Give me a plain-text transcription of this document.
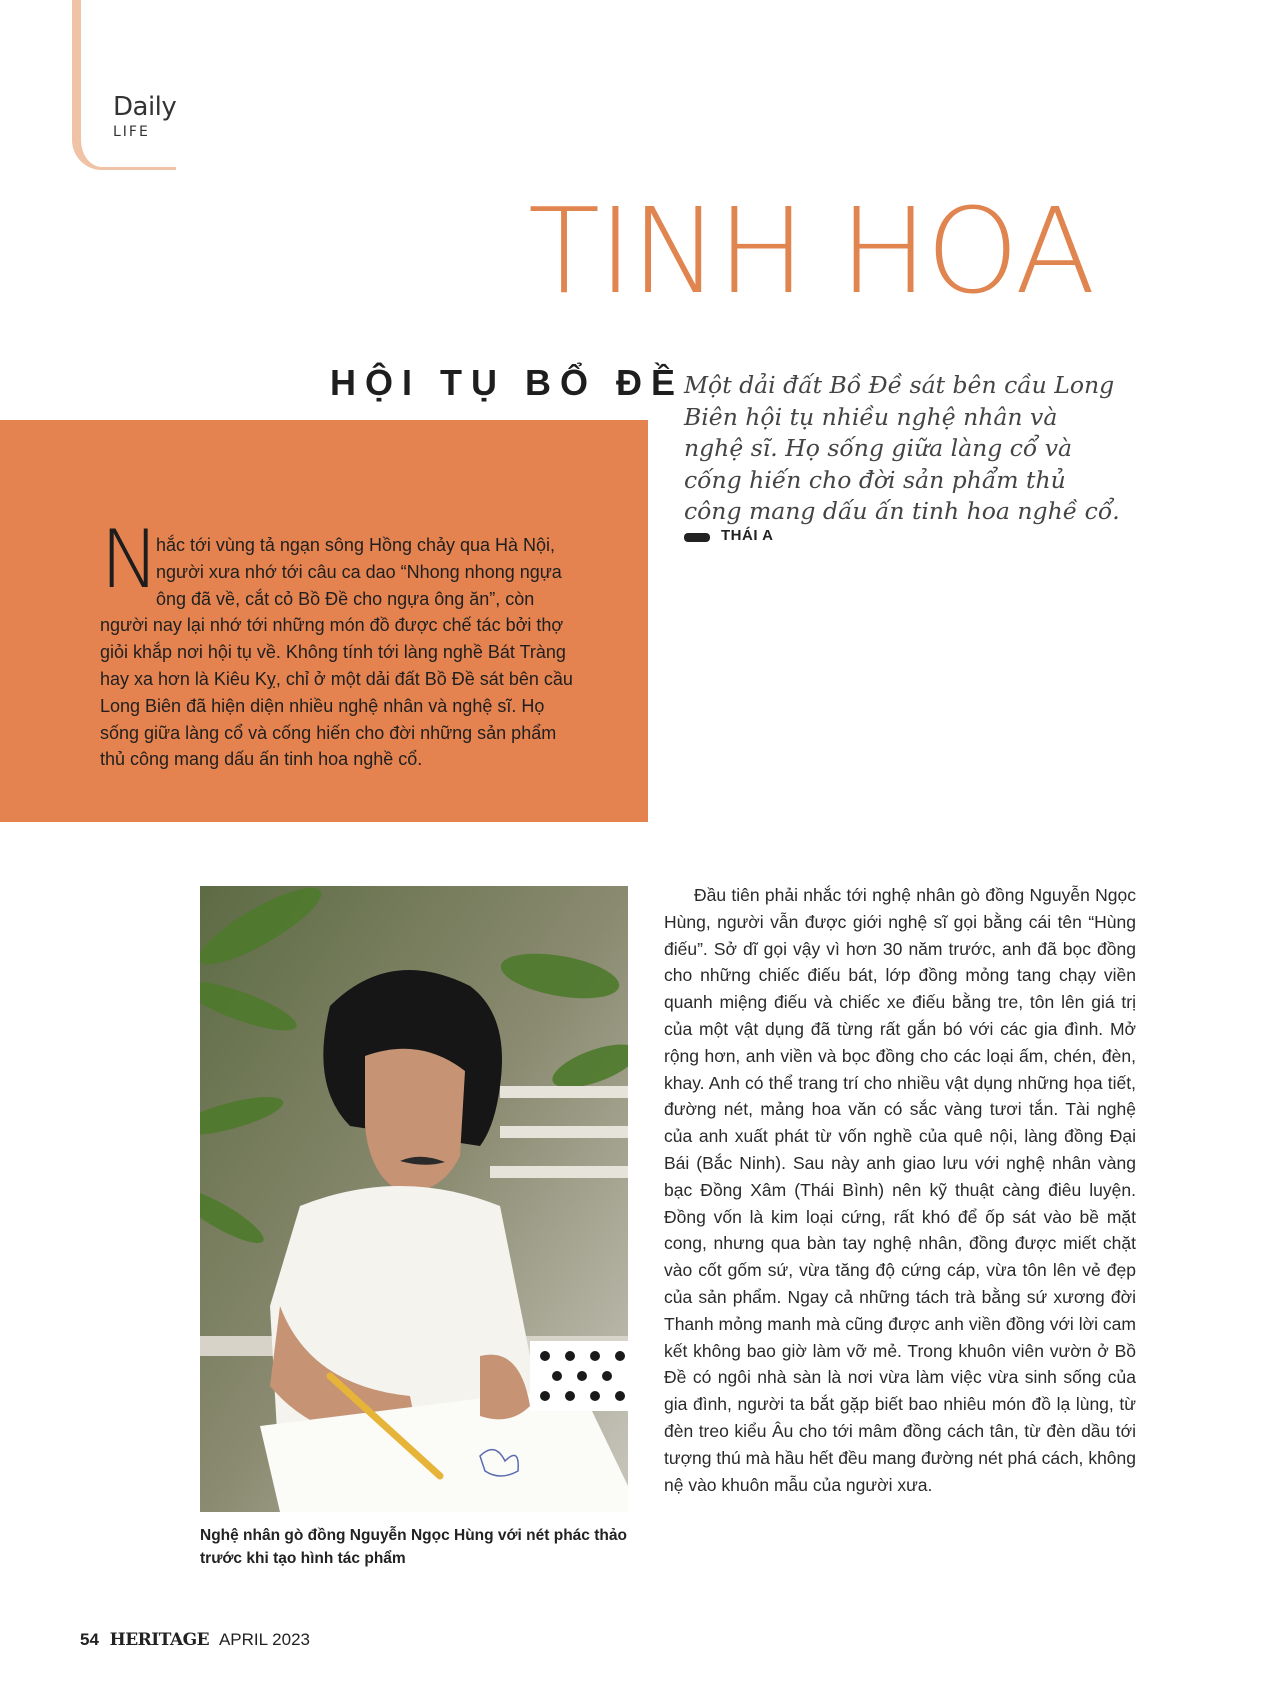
Daily
LIFE
TINH HOA
HỘI TỤ BỔ ĐỀ Một dải đất Bồ Đề sát bên cầu Long Biên hội tụ nhiều nghệ nhân và nghệ sĩ. Họ sống giữa làng cổ và cống hiến cho đời sản phẩm thủ công mang dấu ấn tinh hoa nghề cổ.
THÁI A
N
hắc tới vùng tả ngạn sông Hồng chảy qua Hà Nội, người xưa nhớ tới câu ca dao “Nhong nhong ngựa ông đã về, cắt cỏ Bồ Đề cho ngựa ông ăn”, còn người nay lại nhớ tới những món đồ được chế tác bởi thợ giỏi khắp nơi hội tụ về. Không tính tới làng nghề Bát Tràng hay xa hơn là Kiêu Kỵ, chỉ ở một dải đất Bồ Đề sát bên cầu Long Biên đã hiện diện nhiều nghệ nhân và nghệ sĩ. Họ sống giữa làng cổ và cống hiến cho đời những sản phẩm thủ công mang dấu ấn tinh hoa nghề cổ.
Nghệ nhân gò đồng Nguyễn Ngọc Hùng với nét phác thảo trước khi tạo hình tác phẩm
Đầu tiên phải nhắc tới nghệ nhân gò đồng Nguyễn Ngọc Hùng, người vẫn được giới nghệ sĩ gọi bằng cái tên “Hùng điếu”. Sở dĩ gọi vậy vì hơn 30 năm trước, anh đã bọc đồng cho những chiếc điếu bát, lớp đồng mỏng tang chạy viền quanh miệng điếu và chiếc xe điếu bằng tre, tôn lên giá trị của một vật dụng đã từng rất gắn bó với các gia đình. Mở rộng hơn, anh viền và bọc đồng cho các loại ấm, chén, đèn, khay. Anh có thể trang trí cho nhiều vật dụng những họa tiết, đường nét, mảng hoa văn có sắc vàng tươi tắn. Tài nghệ của anh xuất phát từ vốn nghề của quê nội, làng đồng Đại Bái (Bắc Ninh). Sau này anh giao lưu với nghệ nhân vàng bạc Đồng Xâm (Thái Bình) nên kỹ thuật càng điêu luyện. Đồng vốn là kim loại cứng, rất khó để ốp sát vào bề mặt cong, nhưng qua bàn tay nghệ nhân, đồng được miết chặt vào cốt gốm sứ, vừa tăng độ cứng cáp, vừa tôn lên vẻ đẹp của sản phẩm. Ngay cả những tách trà bằng sứ xương đời Thanh mỏng manh mà cũng được anh viền đồng với lời cam kết không bao giờ làm vỡ mẻ. Trong khuôn viên vườn ở Bồ Đề có ngôi nhà sàn là nơi vừa làm việc vừa sinh sống của gia đình, người ta bắt gặp biết bao nhiêu món đồ lạ lùng, từ đèn treo kiểu Âu cho tới mâm đồng cách tân, từ đèn dầu tới tượng thú mà hầu hết đều mang đường nét phá cách, không nệ vào khuôn mẫu của người xưa.
54 HERITAGE APRIL 2023
